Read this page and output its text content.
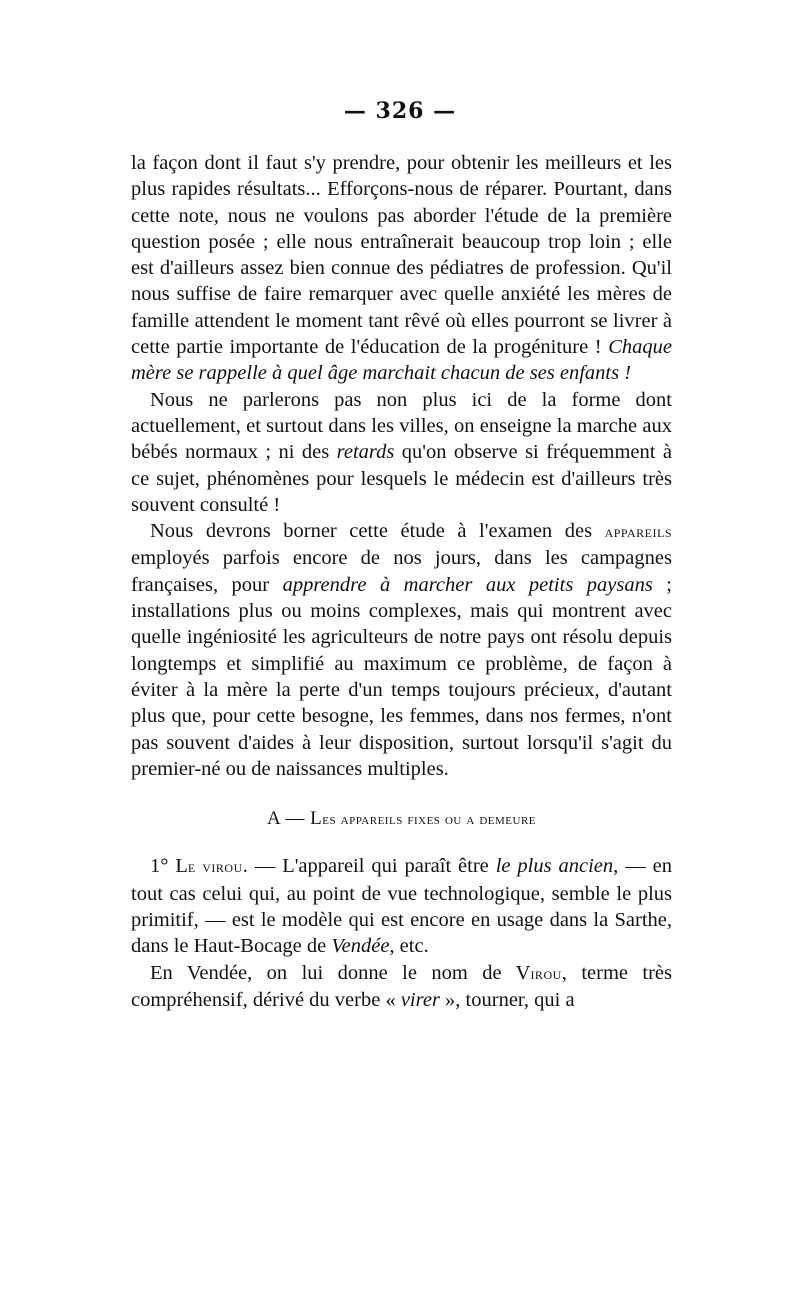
— 326 —

la façon dont il faut s'y prendre, pour obtenir les meilleurs et les plus rapides résultats... Efforçons-nous de réparer. Pourtant, dans cette note, nous ne voulons pas aborder l'étude de la première question posée ; elle nous entraînerait beaucoup trop loin ; elle est d'ailleurs assez bien connue des pédiatres de profession. Qu'il nous suffise de faire remarquer avec quelle anxiété les mères de famille attendent le moment tant rêvé où elles pourront se livrer à cette partie importante de l'éducation de la progéniture ! Chaque mère se rappelle à quel âge marchait chacun de ses enfants !

Nous ne parlerons pas non plus ici de la forme dont actuellement, et surtout dans les villes, on enseigne la marche aux bébés normaux ; ni des retards qu'on observe si fréquemment à ce sujet, phénomènes pour lesquels le médecin est d'ailleurs très souvent consulté !

Nous devrons borner cette étude à l'examen des appareils employés parfois encore de nos jours, dans les campagnes françaises, pour apprendre à marcher aux petits paysans ; installations plus ou moins complexes, mais qui montrent avec quelle ingéniosité les agriculteurs de notre pays ont résolu depuis longtemps et simplifié au maximum ce problème, de façon à éviter à la mère la perte d'un temps toujours précieux, d'autant plus que, pour cette besogne, les femmes, dans nos fermes, n'ont pas souvent d'aides à leur disposition, surtout lorsqu'il s'agit du premier-né ou de naissances multiples.

A — Les appareils fixes ou a demeure

1° Le virou. — L'appareil qui paraît être le plus ancien, — en tout cas celui qui, au point de vue technologique, semble le plus primitif, — est le modèle qui est encore en usage dans la Sarthe, dans le Haut-Bocage de Vendée, etc.

En Vendée, on lui donne le nom de Virou, terme très compréhensif, dérivé du verbe « virer », tourner, qui a
